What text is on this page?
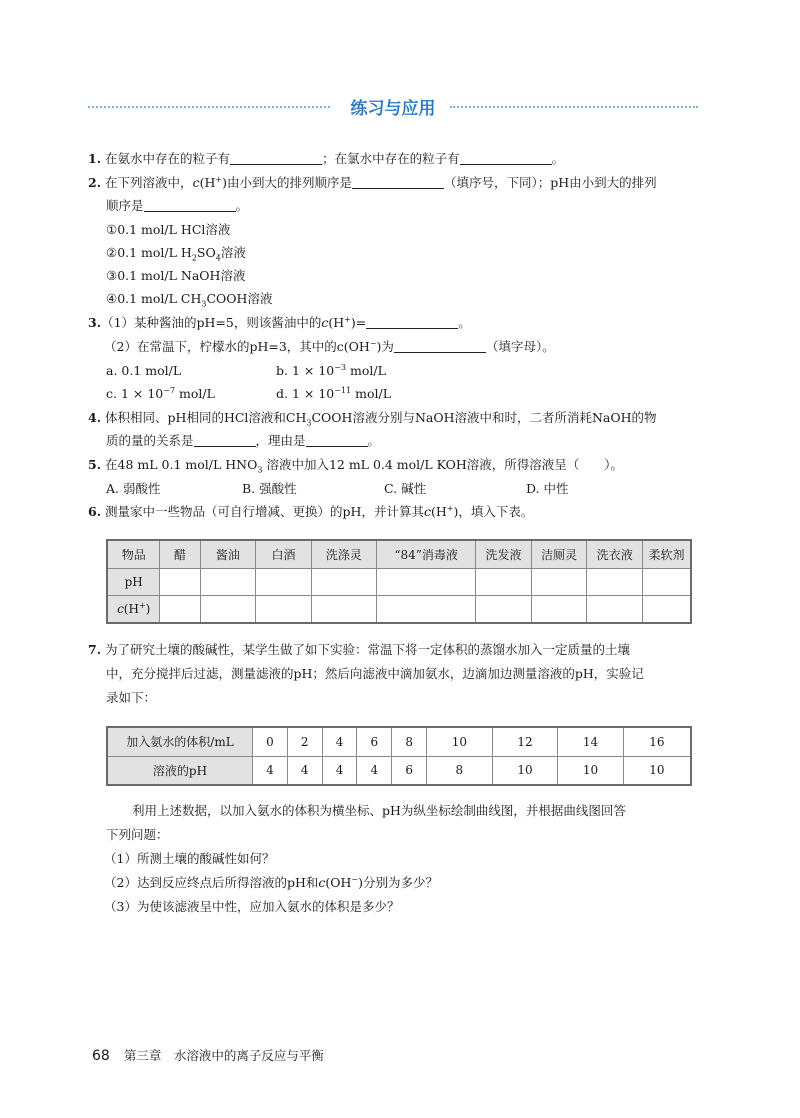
练习与应用
1. 在氨水中存在的粒子有	；在氯水中存在的粒子有	。
2. 在下列溶液中，c(H+)由小到大的排列顺序是	（填序号，下同）；pH由小到大的排列
顺序是	。
①0.1 mol/L HCl溶液
②0.1 mol/L $H_2SO_4$溶液
③0.1 mol/L NaOH溶液
④0.1 mol/L $CH_3COOH$溶液
3.（1）某种酱油的pH=5，则该酱油中的c(H+)=	。
（2）在常温下，柠檬水的pH=3，其中的c(OH−)为	（填字母）。
a. 0.1 mol/L	b. $1 \times 10^{-3}$ mol/L
c. $1 \times 10^{-7}$ mol/L	d. $1 \times 10^{-11}$ mol/L
4. 体积相同、pH相同的HCl溶液和$CH_3COOH$溶液分别与NaOH溶液中和时，二者所消耗NaOH的物
质的量的关系是	，理由是	。
5. 在48 mL 0.1 mol/L $HNO_3$ 溶液中加入12 mL 0.4 mol/L KOH溶液，所得溶液呈（　　）。
A. 弱酸性	B. 强酸性	C. 碱性	D. 中性
6. 测量家中一些物品（可自行增减、更换）的pH，并计算其c(H+)，填入下表。
物品	醋	酱油	白酒	洗涤灵	“84”消毒液	洗发液	洁厕灵	洗衣液	柔软剂
pH									
c(H+)									
7. 为了研究土壤的酸碱性，某学生做了如下实验：常温下将一定体积的蒸馏水加入一定质量的土壤
中，充分搅拌后过滤，测量滤液的pH；然后向滤液中滴加氨水，边滴加边测量溶液的pH，实验记
录如下：
加入氨水的体积/mL	0	2	4	6	8	10	12	14	16
溶液的pH	4	4	4	4	6	8	10	10	10
利用上述数据，以加入氨水的体积为横坐标、pH为纵坐标绘制曲线图，并根据曲线图回答
下列问题：
（1）所测土壤的酸碱性如何？
（2）达到反应终点后所得溶液的pH和c(OH−)分别为多少？
（3）为使该滤液呈中性，应加入氨水的体积是多少？
68 第三章　水溶液中的离子反应与平衡
